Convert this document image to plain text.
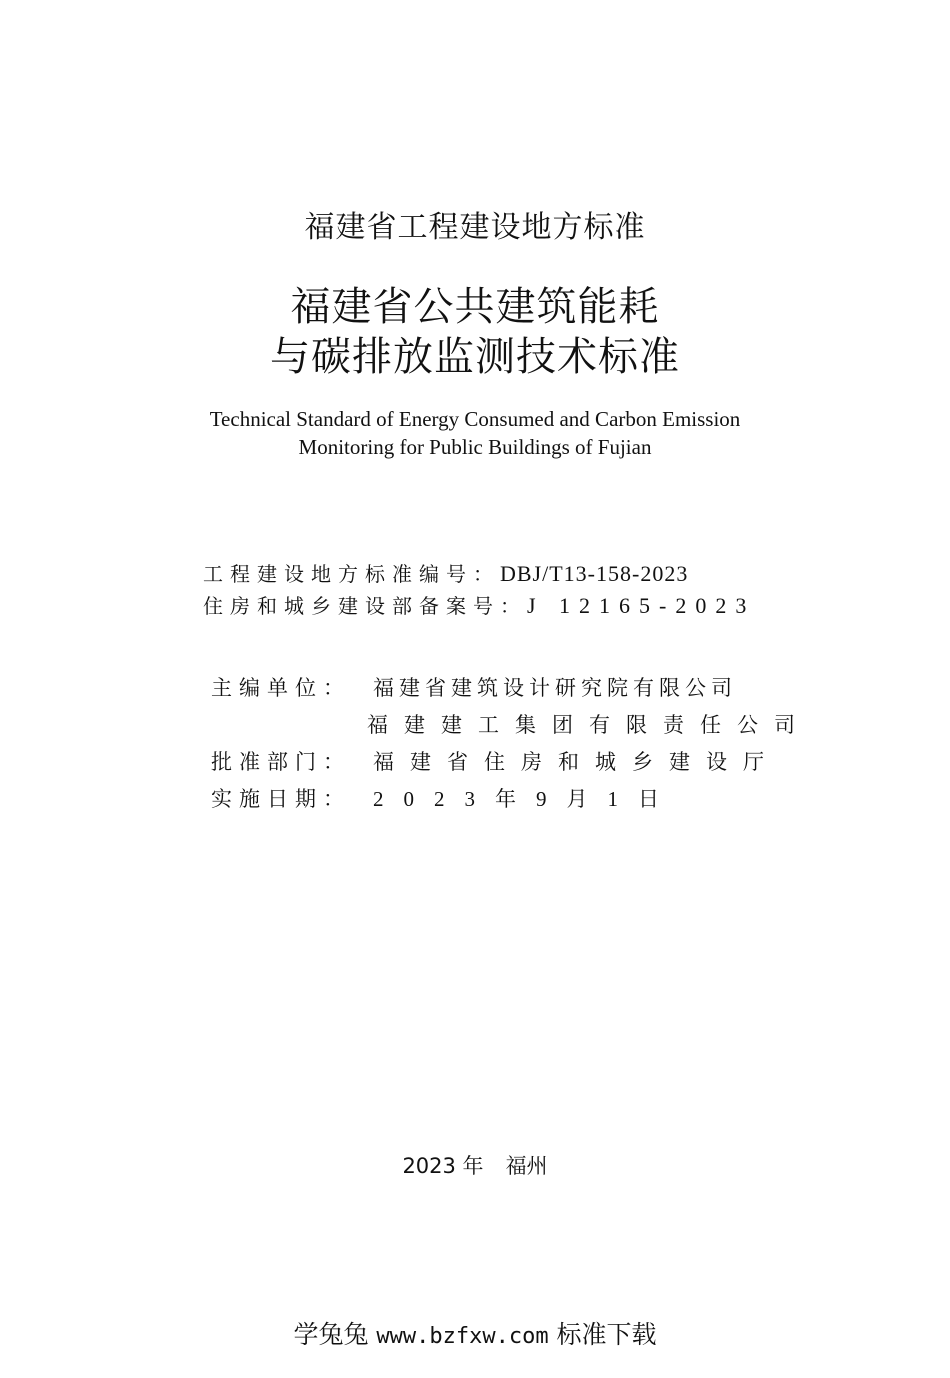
福建省工程建设地方标准
福建省公共建筑能耗
与碳排放监测技术标准
Technical Standard of Energy Consumed and Carbon Emission
Monitoring for Public Buildings of Fujian
工程建设地方标准编号： DBJ/T13-158-2023
住房和城乡建设部备案号： J 12165-2023
主编单位：	福建省建筑设计研究院有限公司
福建建工集团有限责任公司
批准部门：	福建省住房和城乡建设厅
实施日期：	2023年9月1日
2023 年 福州
学兔兔 www.bzfxw.com 标准下载
